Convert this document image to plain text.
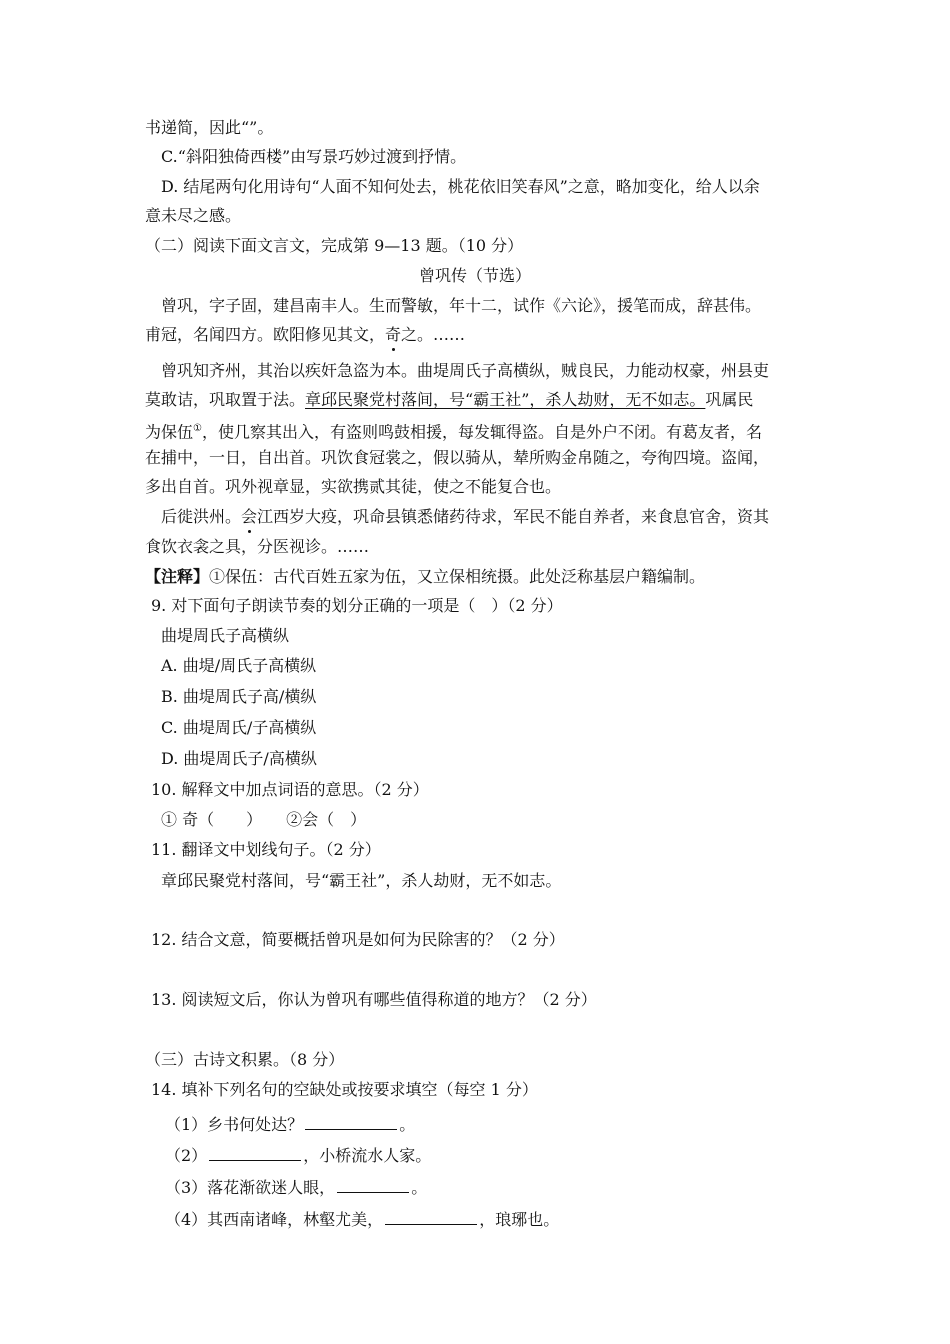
书递简，因此“”。
C.“斜阳独倚西楼”由写景巧妙过渡到抒情。
D. 结尾两句化用诗句“人面不知何处去，桃花依旧笑春风”之意，略加变化，给人以余
意未尽之感。
（二）阅读下面文言文，完成第 9—13 题。（10 分）
曾巩传（节选）
曾巩，字子固，建昌南丰人。生而警敏，年十二，试作《六论》，援笔而成，辞甚伟。
甫冠，名闻四方。欧阳修见其文，奇之。……
曾巩知齐州，其治以疾奸急盗为本。曲堤周氏子高横纵，贼良民，力能动权豪，州县吏
莫敢诘，巩取置于法。章邱民聚党村落间，号“霸王社”，杀人劫财，无不如志。巩属民
为保伍①，使几察其出入，有盗则鸣鼓相援，每发辄得盗。自是外户不闭。有葛友者，名
在捕中，一日，自出首。巩饮食冠裳之，假以骑从，辇所购金帛随之，夸徇四境。盗闻，
多出自首。巩外视章显，实欲携贰其徒，使之不能复合也。
后徙洪州。会江西岁大疫，巩命县镇悉储药待求，军民不能自养者，来食息官舍，资其
食饮衣衾之具，分医视诊。……
【注释】①保伍：古代百姓五家为伍，又立保相统摄。此处泛称基层户籍编制。
9. 对下面句子朗读节奏的划分正确的一项是（　）（2 分）
曲堤周氏子高横纵
A. 曲堤/周氏子高横纵
B. 曲堤周氏子高/横纵
C. 曲堤周氏/子高横纵
D. 曲堤周氏子/高横纵
10. 解释文中加点词语的意思。（2 分）
① 奇（　　）　　②会（　）
11. 翻译文中划线句子。（2 分）
章邱民聚党村落间，号“霸王社”，杀人劫财，无不如志。
12. 结合文意，简要概括曾巩是如何为民除害的？（2 分）
13. 阅读短文后，你认为曾巩有哪些值得称道的地方？（2 分）
（三）古诗文积累。（8 分）
14. 填补下列名句的空缺处或按要求填空（每空 1 分）
（1）乡书何处达？	。
（2）	，小桥流水人家。
（3）落花渐欲迷人眼，	。
（4）其西南诸峰，林壑尤美，	，琅琊也。
